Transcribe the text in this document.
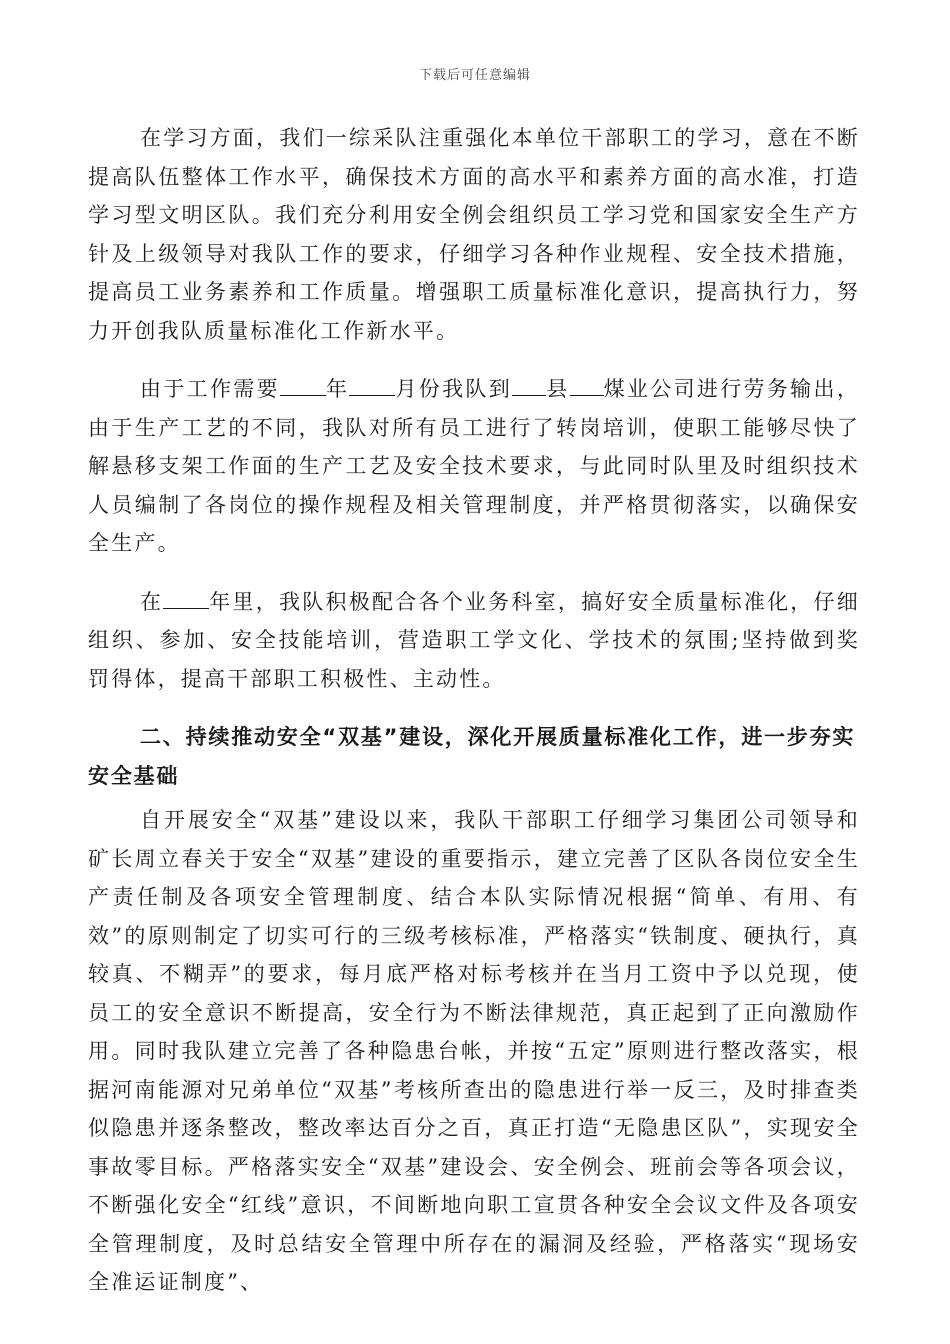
下载后可任意编辑

在学习方面，我们一综采队注重强化本单位干部职工的学习，意在不断提高队伍整体工作水平，确保技术方面的高水平和素养方面的高水准，打造学习型文明区队。我们充分利用安全例会组织员工学习党和国家安全生产方针及上级领导对我队工作的要求，仔细学习各种作业规程、安全技术措施，提高员工业务素养和工作质量。增强职工质量标准化意识，提高执行力，努力开创我队质量标准化工作新水平。

由于工作需要 年 月份我队到 县 煤业公司进行劳务输出，由于生产工艺的不同，我队对所有员工进行了转岗培训，使职工能够尽快了解悬移支架工作面的生产工艺及安全技术要求，与此同时队里及时组织技术人员编制了各岗位的操作规程及相关管理制度，并严格贯彻落实，以确保安全生产。

在 年里，我队积极配合各个业务科室，搞好安全质量标准化，仔细组织、参加、安全技能培训，营造职工学文化、学技术的氛围;坚持做到奖罚得体，提高干部职工积极性、主动性。

二、持续推动安全“双基”建设，深化开展质量标准化工作，进一步夯实安全基础

自开展安全“双基”建设以来，我队干部职工仔细学习集团公司领导和矿长周立春关于安全“双基”建设的重要指示，建立完善了区队各岗位安全生产责任制及各项安全管理制度、结合本队实际情况根据“简单、有用、有效”的原则制定了切实可行的三级考核标准，严格落实“铁制度、硬执行，真较真、不糊弄”的要求，每月底严格对标考核并在当月工资中予以兑现，使员工的安全意识不断提高，安全行为不断法律规范，真正起到了正向激励作用。同时我队建立完善了各种隐患台帐，并按“五定”原则进行整改落实，根据河南能源对兄弟单位“双基”考核所查出的隐患进行举一反三，及时排查类似隐患并逐条整改，整改率达百分之百，真正打造“无隐患区队”，实现安全事故零目标。严格落实安全“双基”建设会、安全例会、班前会等各项会议，不断强化安全“红线”意识，不间断地向职工宣贯各种安全会议文件及各项安全管理制度，及时总结安全管理中所存在的漏洞及经验，严格落实“现场安全准运证制度”、
